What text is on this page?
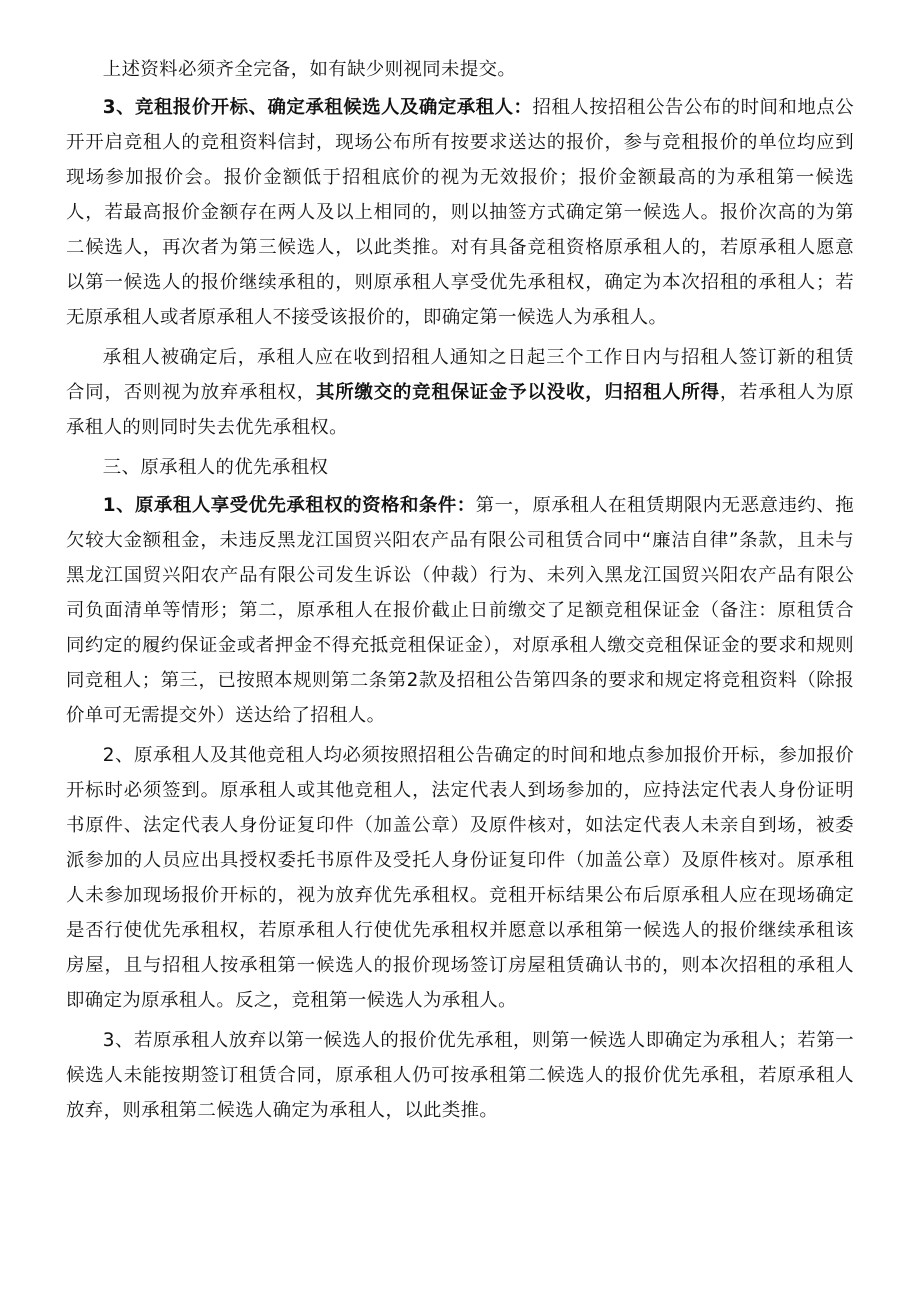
上述资料必须齐全完备，如有缺少则视同未提交。

3、竞租报价开标、确定承租候选人及确定承租人：招租人按招租公告公布的时间和地点公开开启竞租人的竞租资料信封，现场公布所有按要求送达的报价，参与竞租报价的单位均应到现场参加报价会。报价金额低于招租底价的视为无效报价；报价金额最高的为承租第一候选人，若最高报价金额存在两人及以上相同的，则以抽签方式确定第一候选人。报价次高的为第二候选人，再次者为第三候选人，以此类推。对有具备竞租资格原承租人的，若原承租人愿意以第一候选人的报价继续承租的，则原承租人享受优先承租权，确定为本次招租的承租人；若无原承租人或者原承租人不接受该报价的，即确定第一候选人为承租人。

承租人被确定后，承租人应在收到招租人通知之日起三个工作日内与招租人签订新的租赁合同，否则视为放弃承租权，其所缴交的竞租保证金予以没收，归招租人所得，若承租人为原承租人的则同时失去优先承租权。

三、原承租人的优先承租权

1、原承租人享受优先承租权的资格和条件：第一，原承租人在租赁期限内无恶意违约、拖欠较大金额租金，未违反黑龙江国贸兴阳农产品有限公司租赁合同中“廉洁自律”条款，且未与黑龙江国贸兴阳农产品有限公司发生诉讼（仲裁）行为、未列入黑龙江国贸兴阳农产品有限公司负面清单等情形；第二，原承租人在报价截止日前缴交了足额竞租保证金（备注：原租赁合同约定的履约保证金或者押金不得充抵竞租保证金），对原承租人缴交竞租保证金的要求和规则同竞租人；第三，已按照本规则第二条第2款及招租公告第四条的要求和规定将竞租资料（除报价单可无需提交外）送达给了招租人。

2、原承租人及其他竞租人均必须按照招租公告确定的时间和地点参加报价开标，参加报价开标时必须签到。原承租人或其他竞租人，法定代表人到场参加的，应持法定代表人身份证明书原件、法定代表人身份证复印件（加盖公章）及原件核对，如法定代表人未亲自到场，被委派参加的人员应出具授权委托书原件及受托人身份证复印件（加盖公章）及原件核对。原承租人未参加现场报价开标的，视为放弃优先承租权。竞租开标结果公布后原承租人应在现场确定是否行使优先承租权，若原承租人行使优先承租权并愿意以承租第一候选人的报价继续承租该房屋，且与招租人按承租第一候选人的报价现场签订房屋租赁确认书的，则本次招租的承租人即确定为原承租人。反之，竞租第一候选人为承租人。

3、若原承租人放弃以第一候选人的报价优先承租，则第一候选人即确定为承租人；若第一候选人未能按期签订租赁合同，原承租人仍可按承租第二候选人的报价优先承租，若原承租人放弃，则承租第二候选人确定为承租人，以此类推。
